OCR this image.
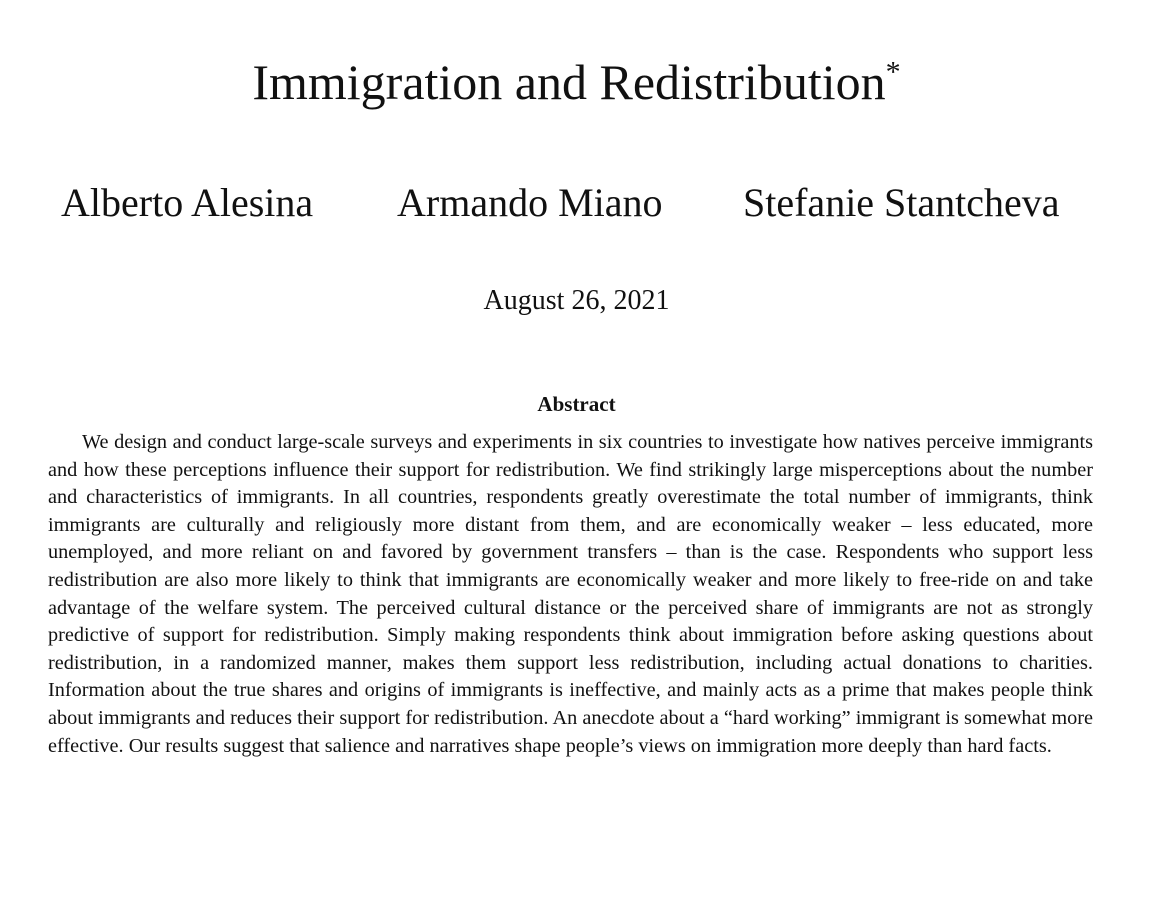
Immigration and Redistribution*
Alberto Alesina Armando Miano Stefanie Stantcheva
August 26, 2021
Abstract

We design and conduct large-scale surveys and experiments in six countries to investigate how natives perceive immigrants and how these perceptions influence their support for redistribution. We find strikingly large misperceptions about the number and characteristics of immigrants. In all countries, respondents greatly overestimate the total number of immigrants, think immigrants are culturally and religiously more distant from them, and are economically weaker – less educated, more unemployed, and more reliant on and favored by government transfers – than is the case. Respondents who support less redistribution are also more likely to think that immigrants are economically weaker and more likely to free-ride on and take advantage of the welfare system. The perceived cultural distance or the perceived share of immigrants are not as strongly predictive of support for redistribution. Simply making respondents think about immigration before asking questions about redistribution, in a randomized manner, makes them support less redistribution, including actual donations to charities. Information about the true shares and origins of immigrants is ineffective, and mainly acts as a prime that makes people think about immigrants and reduces their support for redistribution. An anecdote about a “hard working” immigrant is somewhat more effective. Our results suggest that salience and narratives shape people’s views on immigration more deeply than hard facts.
